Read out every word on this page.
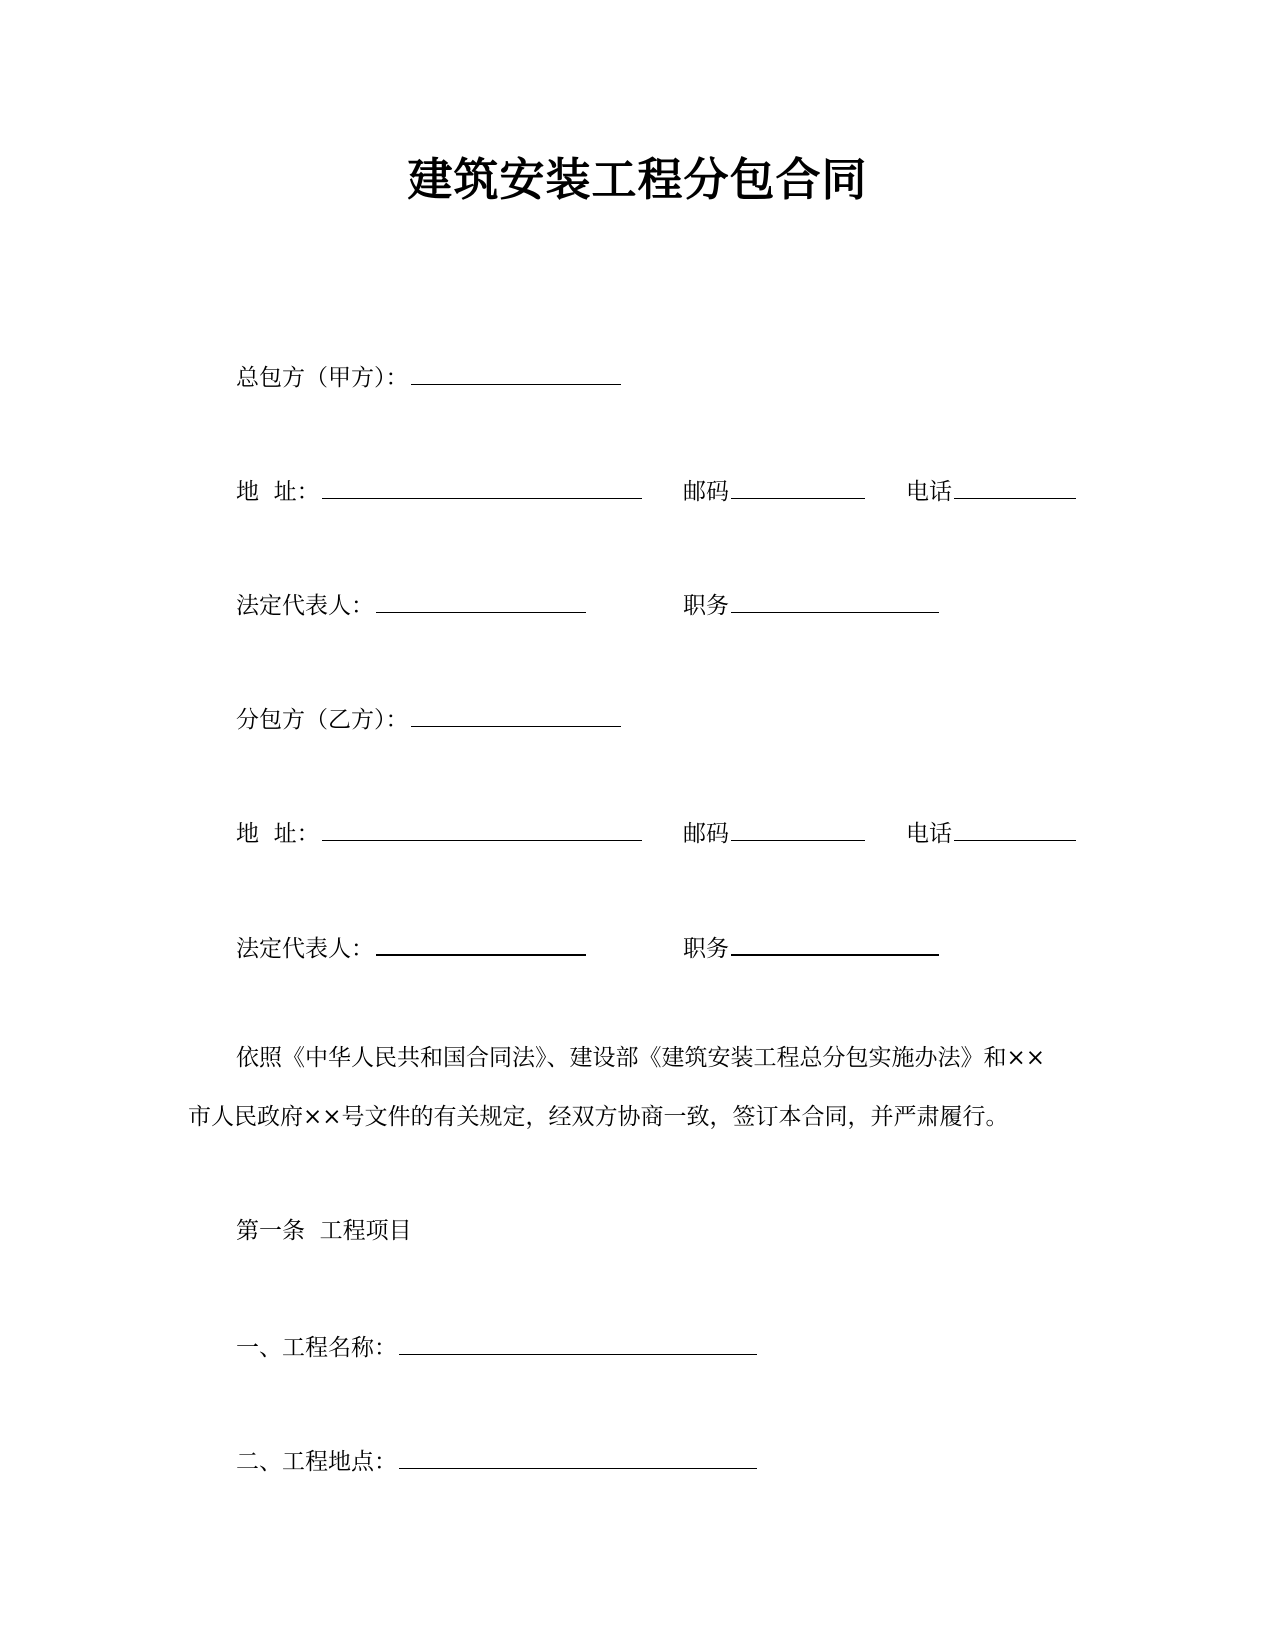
建筑安装工程分包合同
总包方（甲方）：
地  址：	邮码	电话
法定代表人：	职务
分包方（乙方）：
地  址：	邮码	电话
法定代表人：	职务
依照《中华人民共和国合同法》、建设部《建筑安装工程总分包实施办法》和××
市人民政府××号文件的有关规定，经双方协商一致，签订本合同，并严肃履行。
第一条  工程项目
一、工程名称：
二、工程地点：
